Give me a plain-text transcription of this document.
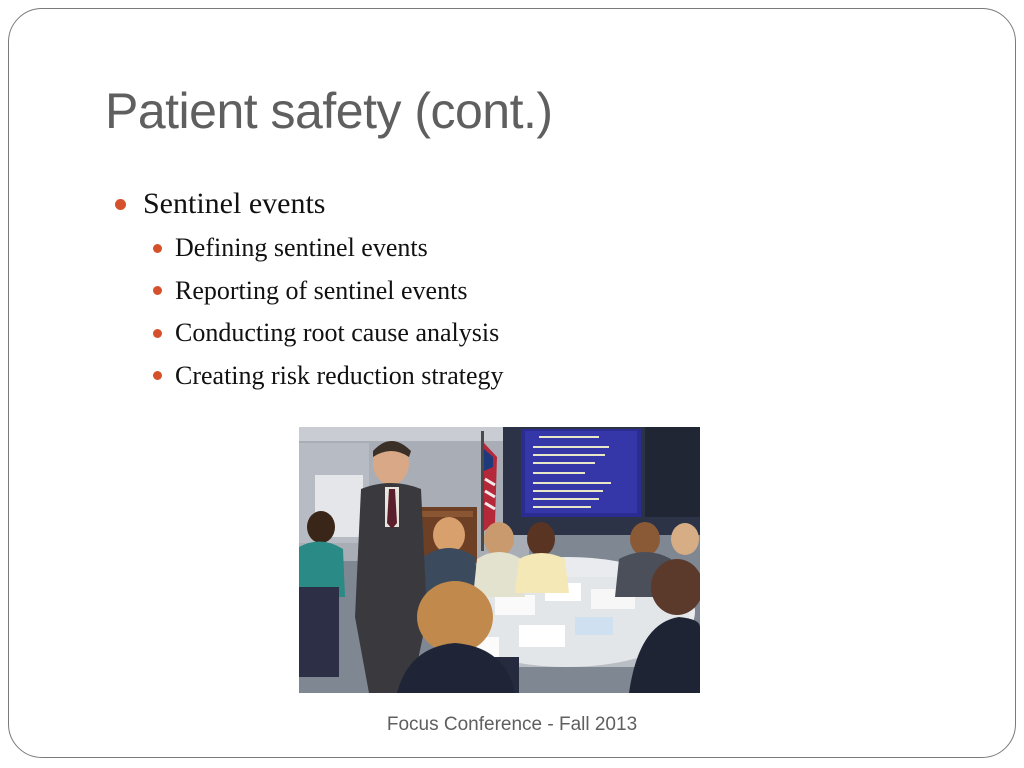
Patient safety (cont.)
Sentinel events
Defining sentinel events
Reporting of sentinel events
Conducting root cause analysis
Creating risk reduction strategy
Focus Conference - Fall 2013
